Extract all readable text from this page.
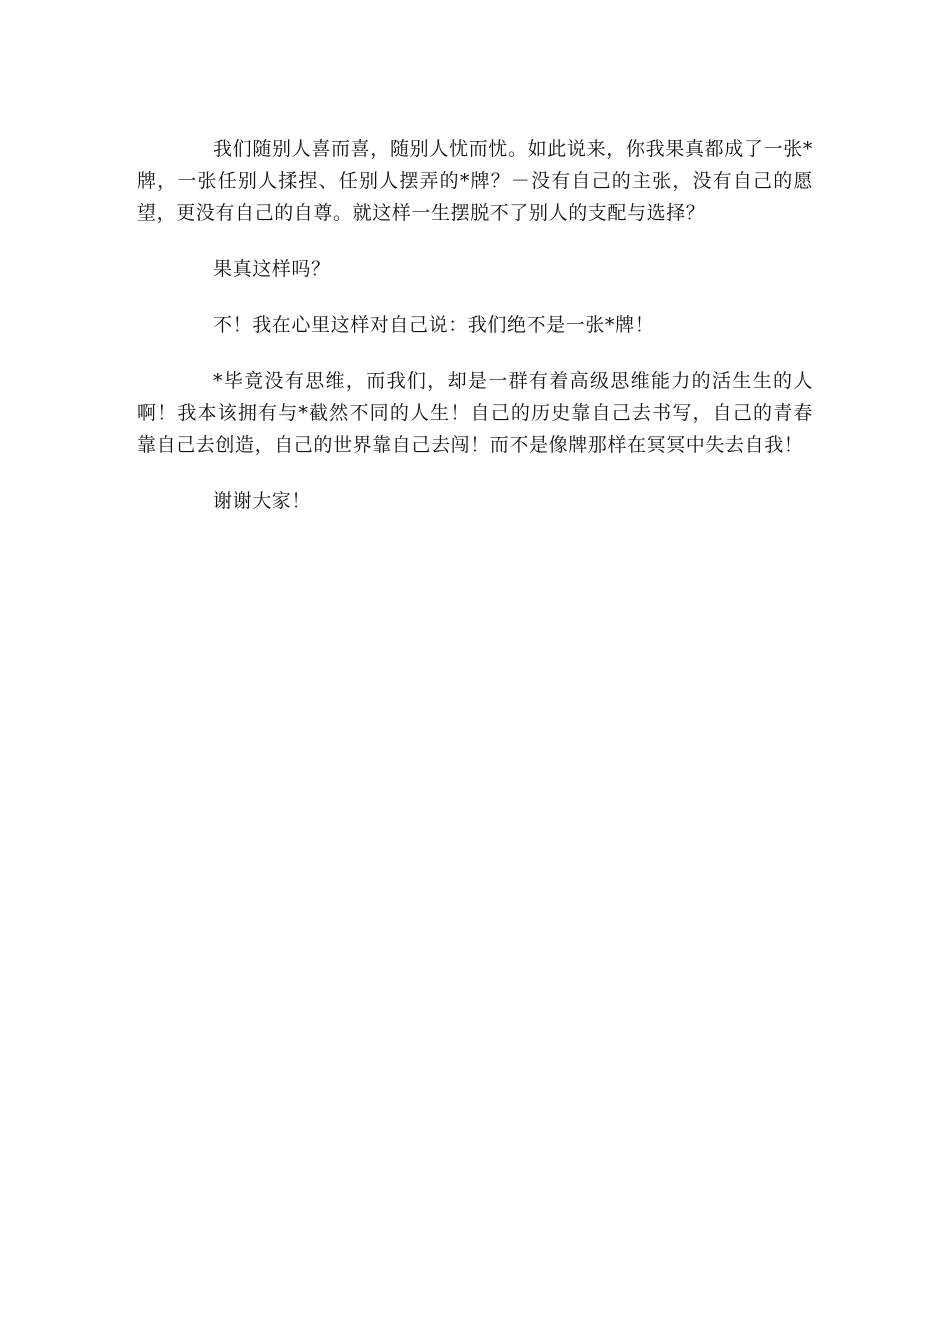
我们随别人喜而喜，随别人忧而忧。如此说来，你我果真都成了一张*牌，一张任别人揉捏、任别人摆弄的*牌？－没有自己的主张，没有自己的愿望，更没有自己的自尊。就这样一生摆脱不了别人的支配与选择？

果真这样吗？

不！我在心里这样对自己说：我们绝不是一张*牌！

*毕竟没有思维，而我们，却是一群有着高级思维能力的活生生的人啊！我本该拥有与*截然不同的人生！自己的历史靠自己去书写，自己的青春靠自己去创造，自己的世界靠自己去闯！而不是像牌那样在冥冥中失去自我！

谢谢大家！
